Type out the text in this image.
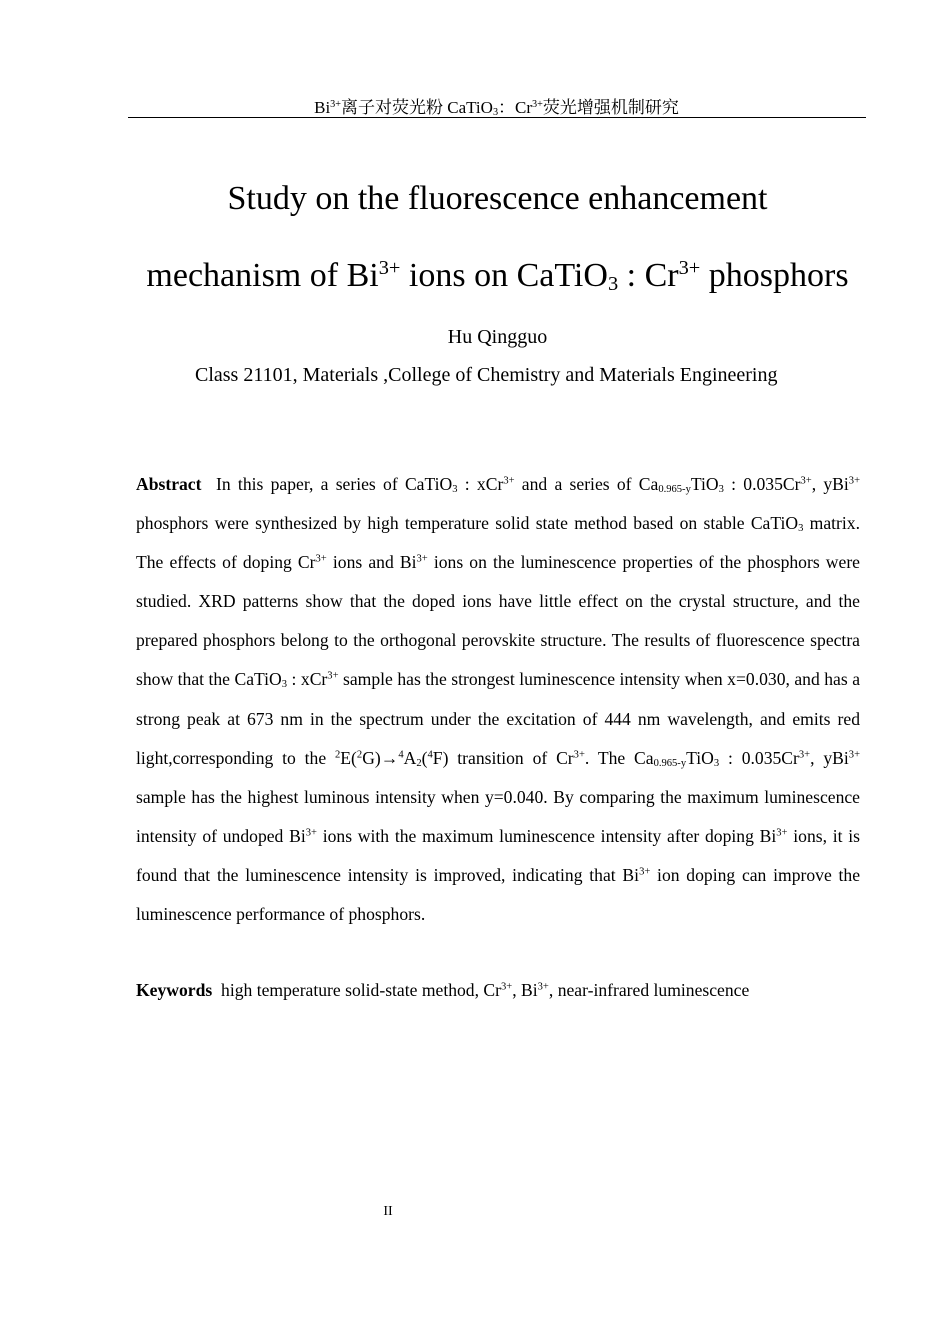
$Bi^{3+}$离子对荧光粉 CaTiO$_3$：$Cr^{3+}$荧光增强机制研究
Study on the fluorescence enhancement
mechanism of $Bi^{3+}$ ions on CaTiO$_3$ : $Cr^{3+}$ phosphors
Hu Qingguo
Class 21101, Materials ,College of Chemistry and Materials Engineering
Abstract In this paper, a series of CaTiO$_3$ : xCr$^{3+}$ and a series of $Ca_{0.965-y}TiO_3$ : $0.035Cr^{3+}$, yBi$^{3+}$ phosphors were synthesized by high temperature solid state method based on stable CaTiO$_3$ matrix. The effects of doping $Cr^{3+}$ ions and $Bi^{3+}$ ions on the luminescence properties of the phosphors were studied. XRD patterns show that the doped ions have little effect on the crystal structure, and the prepared phosphors belong to the orthogonal perovskite structure. The results of fluorescence spectra show that the CaTiO$_3$ : xCr$^{3+}$ sample has the strongest luminescence intensity when x=0.030, and has a strong peak at 673 nm in the spectrum under the excitation of 444 nm wavelength, and emits red light,corresponding to the $^2E(^2G)\to^4A_2(^4F)$ transition of $Cr^{3+}$. The $Ca_{0.965-y}TiO_3$ : $0.035Cr^{3+}$, yBi$^{3+}$ sample has the highest luminous intensity when y=0.040. By comparing the maximum luminescence intensity of undoped $Bi^{3+}$ ions with the maximum luminescence intensity after doping $Bi^{3+}$ ions, it is found that the luminescence intensity is improved, indicating that $Bi^{3+}$ ion doping can improve the luminescence performance of phosphors.
Keywords high temperature solid-state method, $Cr^{3+}$, $Bi^{3+}$, near-infrared luminescence
II
